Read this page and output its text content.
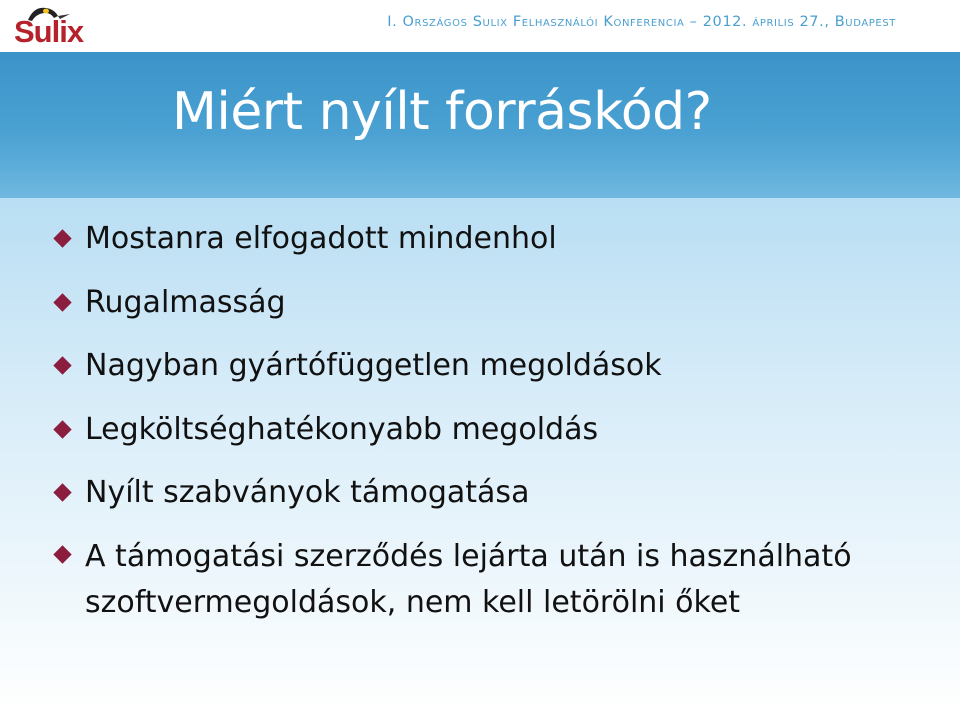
Sulix	I. Országos Sulix Felhasználói Konferencia – 2012. április 27., Budapest
Miért nyílt forráskód?
Mostanra elfogadott mindenhol
Rugalmasság
Nagyban gyártófüggetlen megoldások
Legköltséghatékonyabb megoldás
Nyílt szabványok támogatása
A támogatási szerződés lejárta után is használható szoftvermegoldások, nem kell letörölni őket
